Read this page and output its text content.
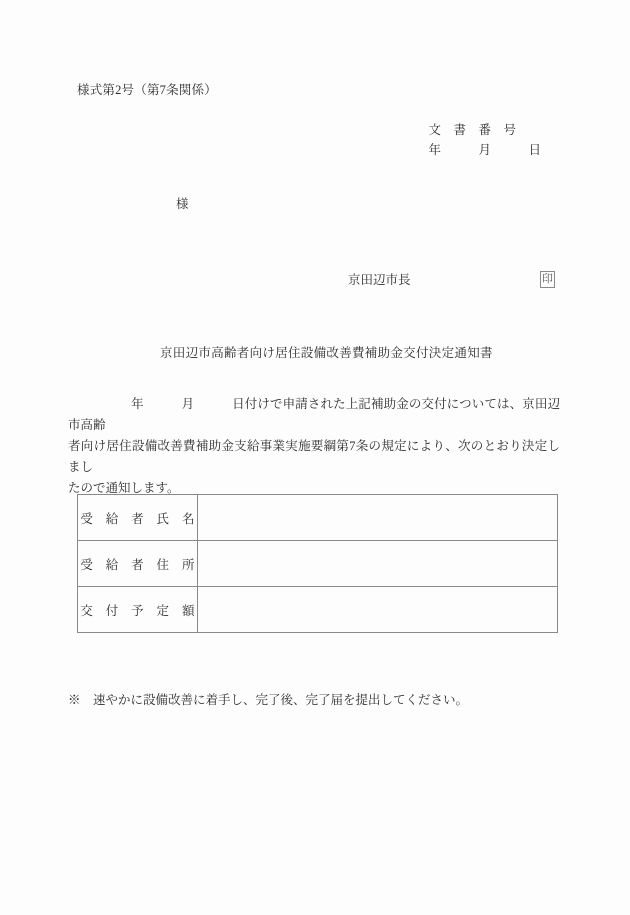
様式第2号（第7条関係）
文　書　番　号
年　　　月　　　日
様
京田辺市長	印
京田辺市高齢者向け居住設備改善費補助金交付決定通知書

　　　　　年　　　月　　　日付けで申請された上記補助金の交付については、京田辺市高齢

者向け居住設備改善費補助金支給事業実施要綱第7条の規定により、次のとおり決定しまし

たので通知します。

受　給　者　氏　名	
受　給　者　住　所	
交　付　予　定　額	
※　速やかに設備改善に着手し、完了後、完了届を提出してください。
